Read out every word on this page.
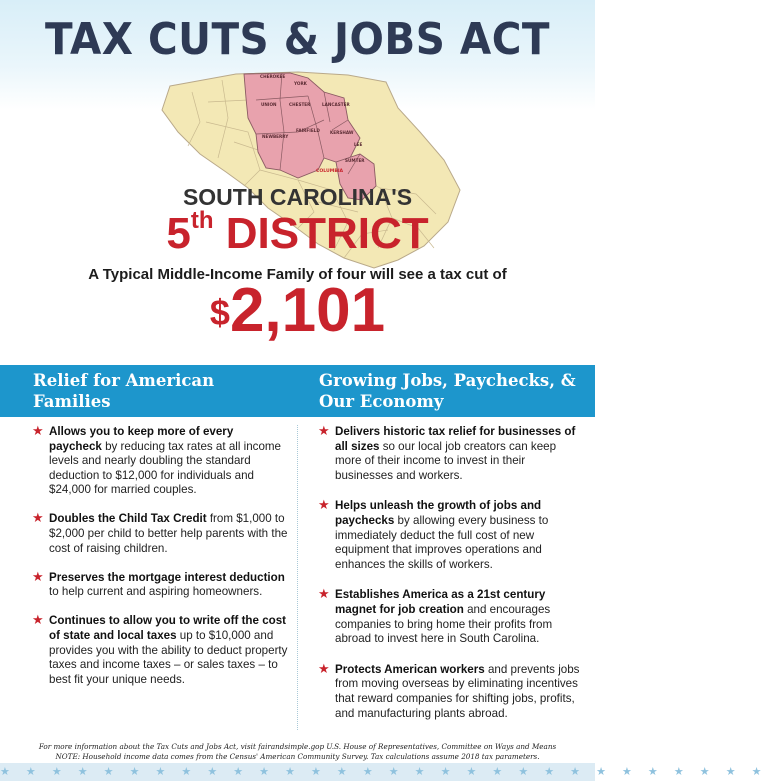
TAX CUTS & JOBS ACT
CHEROKEE
YORK
UNION	CHESTER	LANCASTER
NEWBERRY
FAIRFIELD KERSHAW
LEE
SUMTER
COLUMBIA
SOUTH CAROLINA'S
5th DISTRICT
A Typical Middle-Income Family of four will see a tax cut of
$2,101
Relief for American Families
Growing Jobs, Paychecks, & Our Economy
★ Allows you to keep more of every paycheck by reducing tax rates at all income levels and nearly doubling the standard deduction to $12,000 for individuals and $24,000 for married couples.
★ Doubles the Child Tax Credit from $1,000 to $2,000 per child to better help parents with the cost of raising children.
★ Preserves the mortgage interest deduction to help current and aspiring homeowners.
★ Continues to allow you to write off the cost of state and local taxes up to $10,000 and provides you with the ability to deduct property taxes and income taxes – or sales taxes – to best fit your unique needs.
★ Delivers historic tax relief for businesses of all sizes so our local job creators can keep more of their income to invest in their businesses and workers.
★ Helps unleash the growth of jobs and paychecks by allowing every business to immediately deduct the full cost of new equipment that improves operations and enhances the skills of workers.
★ Establishes America as a 21st century magnet for job creation and encourages companies to bring home their profits from abroad to invest here in South Carolina.
★ Protects American workers and prevents jobs from moving overseas by eliminating incentives that reward companies for shifting jobs, profits, and manufacturing plants abroad.
For more information about the Tax Cuts and Jobs Act, visit fairandsimple.gop U.S. House of Representatives, Committee on Ways and Means
NOTE: Household income data comes from the Census' American Community Survey. Tax calculations assume 2018 tax parameters.
★ ★ ★ ★ ★ ★ ★ ★ ★ ★ ★ ★ ★ ★ ★ ★ ★ ★ ★ ★ ★ ★ ★ ★ ★ ★ ★ ★ ★ ★
